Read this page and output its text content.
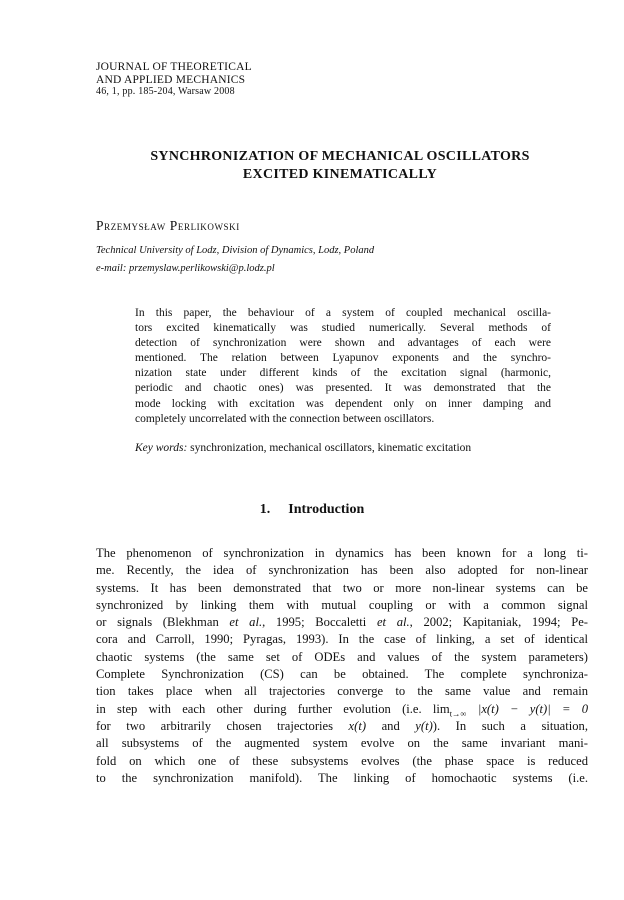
JOURNAL OF THEORETICAL
AND APPLIED MECHANICS
46, 1, pp. 185-204, Warsaw 2008
SYNCHRONIZATION OF MECHANICAL OSCILLATORS
EXCITED KINEMATICALLY
Przemysław Perlikowski
Technical University of Lodz, Division of Dynamics, Lodz, Poland
e-mail: przemyslaw.perlikowski@p.lodz.pl
In this paper, the behaviour of a system of coupled mechanical oscilla-
tors excited kinematically was studied numerically. Several methods of
detection of synchronization were shown and advantages of each were
mentioned. The relation between Lyapunov exponents and the synchro-
nization state under different kinds of the excitation signal (harmonic,
periodic and chaotic ones) was presented. It was demonstrated that the
mode locking with excitation was dependent only on inner damping and
completely uncorrelated with the connection between oscillators.
Key words: synchronization, mechanical oscillators, kinematic excitation
1. Introduction
The phenomenon of synchronization in dynamics has been known for a long ti-
me. Recently, the idea of synchronization has been also adopted for non-linear
systems. It has been demonstrated that two or more non-linear systems can be
synchronized by linking them with mutual coupling or with a common signal
or signals (Blekhman et al., 1995; Boccaletti et al., 2002; Kapitaniak, 1994; Pe-
cora and Carroll, 1990; Pyragas, 1993). In the case of linking, a set of identical
chaotic systems (the same set of ODEs and values of the system parameters)
Complete Synchronization (CS) can be obtained. The complete synchroniza-
tion takes place when all trajectories converge to the same value and remain
in step with each other during further evolution (i.e. $\lim_{t\to\infty} |x(t) - y(t)| = 0$
for two arbitrarily chosen trajectories x(t) and y(t)). In such a situation,
all subsystems of the augmented system evolve on the same invariant mani-
fold on which one of these subsystems evolves (the phase space is reduced
to the synchronization manifold). The linking of homochaotic systems (i.e.
